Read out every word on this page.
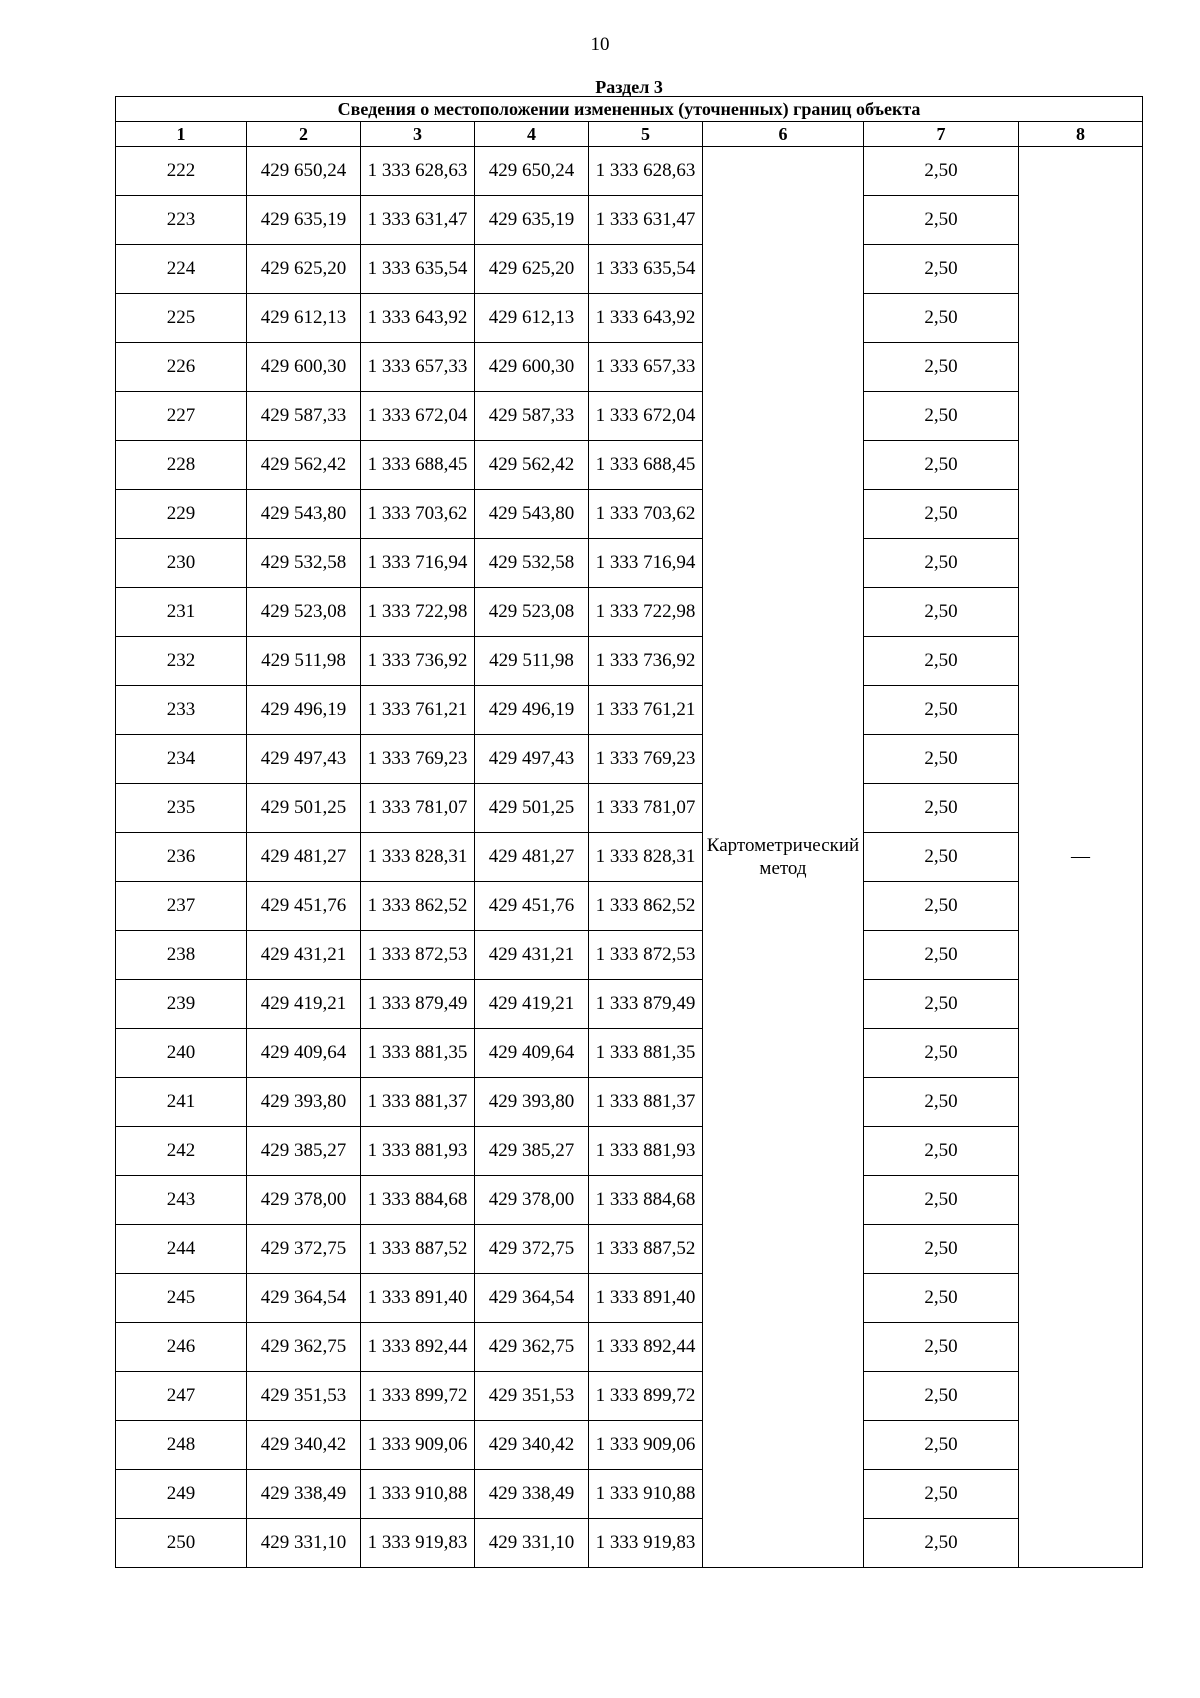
10
Раздел 3							
Сведения о местоположении измененных (уточненных) границ объекта							
1	2	3	4	5	6	7	8
222	429 650,24	1 333 628,63	429 650,24	1 333 628,63	Картометрический метод	2,50	—
223	429 635,19	1 333 631,47	429 635,19	1 333 631,47		2,50	
224	429 625,20	1 333 635,54	429 625,20	1 333 635,54		2,50	
225	429 612,13	1 333 643,92	429 612,13	1 333 643,92		2,50	
226	429 600,30	1 333 657,33	429 600,30	1 333 657,33		2,50	
227	429 587,33	1 333 672,04	429 587,33	1 333 672,04		2,50	
228	429 562,42	1 333 688,45	429 562,42	1 333 688,45		2,50	
229	429 543,80	1 333 703,62	429 543,80	1 333 703,62		2,50	
230	429 532,58	1 333 716,94	429 532,58	1 333 716,94		2,50	
231	429 523,08	1 333 722,98	429 523,08	1 333 722,98		2,50	
232	429 511,98	1 333 736,92	429 511,98	1 333 736,92		2,50	
233	429 496,19	1 333 761,21	429 496,19	1 333 761,21		2,50	
234	429 497,43	1 333 769,23	429 497,43	1 333 769,23		2,50	
235	429 501,25	1 333 781,07	429 501,25	1 333 781,07		2,50	
236	429 481,27	1 333 828,31	429 481,27	1 333 828,31		2,50	
237	429 451,76	1 333 862,52	429 451,76	1 333 862,52		2,50	
238	429 431,21	1 333 872,53	429 431,21	1 333 872,53		2,50	
239	429 419,21	1 333 879,49	429 419,21	1 333 879,49		2,50	
240	429 409,64	1 333 881,35	429 409,64	1 333 881,35		2,50	
241	429 393,80	1 333 881,37	429 393,80	1 333 881,37		2,50	
242	429 385,27	1 333 881,93	429 385,27	1 333 881,93		2,50	
243	429 378,00	1 333 884,68	429 378,00	1 333 884,68		2,50	
244	429 372,75	1 333 887,52	429 372,75	1 333 887,52		2,50	
245	429 364,54	1 333 891,40	429 364,54	1 333 891,40		2,50	
246	429 362,75	1 333 892,44	429 362,75	1 333 892,44		2,50	
247	429 351,53	1 333 899,72	429 351,53	1 333 899,72		2,50	
248	429 340,42	1 333 909,06	429 340,42	1 333 909,06		2,50	
249	429 338,49	1 333 910,88	429 338,49	1 333 910,88		2,50	
250	429 331,10	1 333 919,83	429 331,10	1 333 919,83		2,50	
